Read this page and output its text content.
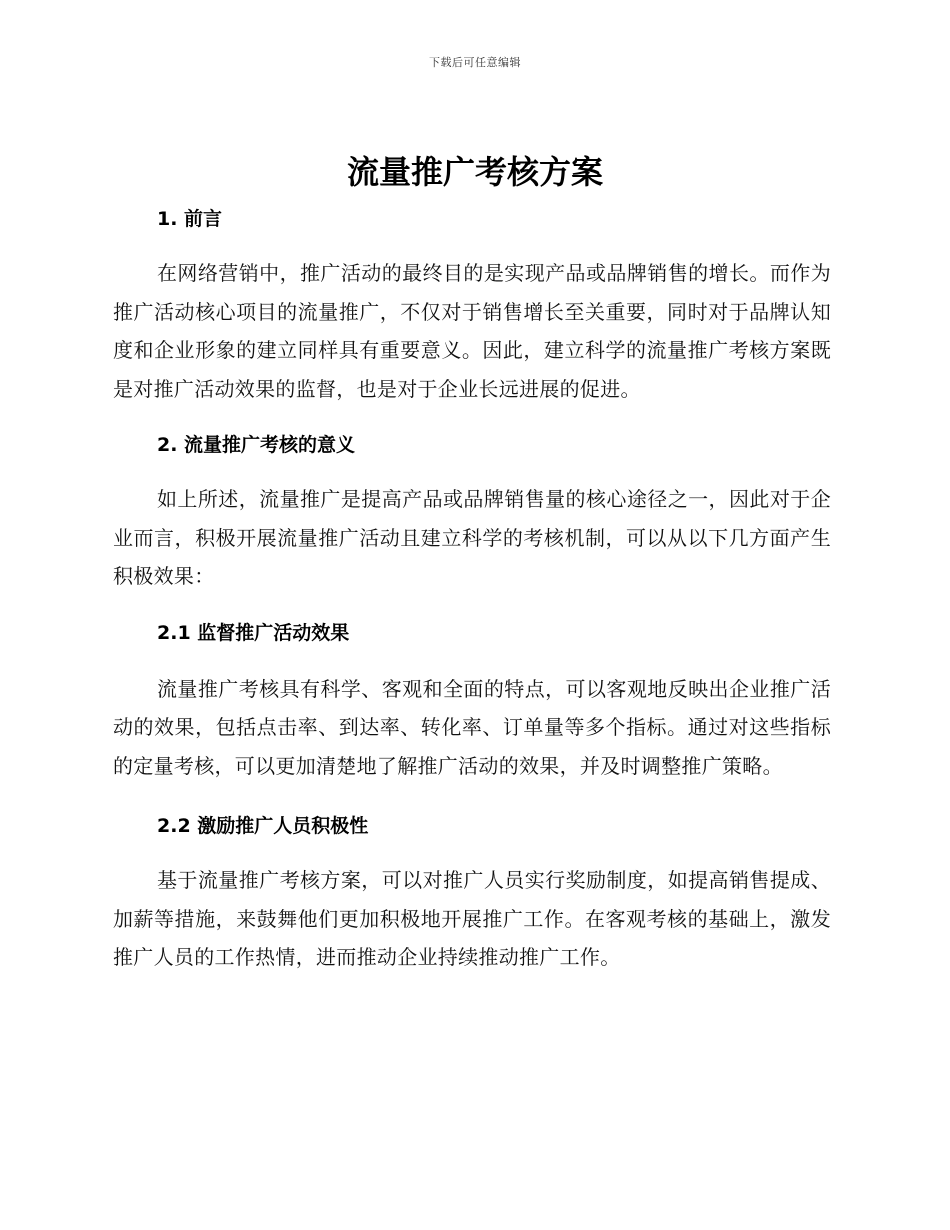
下载后可任意编辑
流量推广考核方案
1. 前言

在网络营销中，推广活动的最终目的是实现产品或品牌销售的增长。而作为推广活动核心项目的流量推广，不仅对于销售增长至关重要，同时对于品牌认知度和企业形象的建立同样具有重要意义。因此，建立科学的流量推广考核方案既是对推广活动效果的监督，也是对于企业长远进展的促进。

2. 流量推广考核的意义

如上所述，流量推广是提高产品或品牌销售量的核心途径之一，因此对于企业而言，积极开展流量推广活动且建立科学的考核机制，可以从以下几方面产生积极效果：

2.1 监督推广活动效果

流量推广考核具有科学、客观和全面的特点，可以客观地反映出企业推广活动的效果，包括点击率、到达率、转化率、订单量等多个指标。通过对这些指标的定量考核，可以更加清楚地了解推广活动的效果，并及时调整推广策略。

2.2 激励推广人员积极性

基于流量推广考核方案，可以对推广人员实行奖励制度，如提高销售提成、加薪等措施，来鼓舞他们更加积极地开展推广工作。在客观考核的基础上，激发推广人员的工作热情，进而推动企业持续推动推广工作。
